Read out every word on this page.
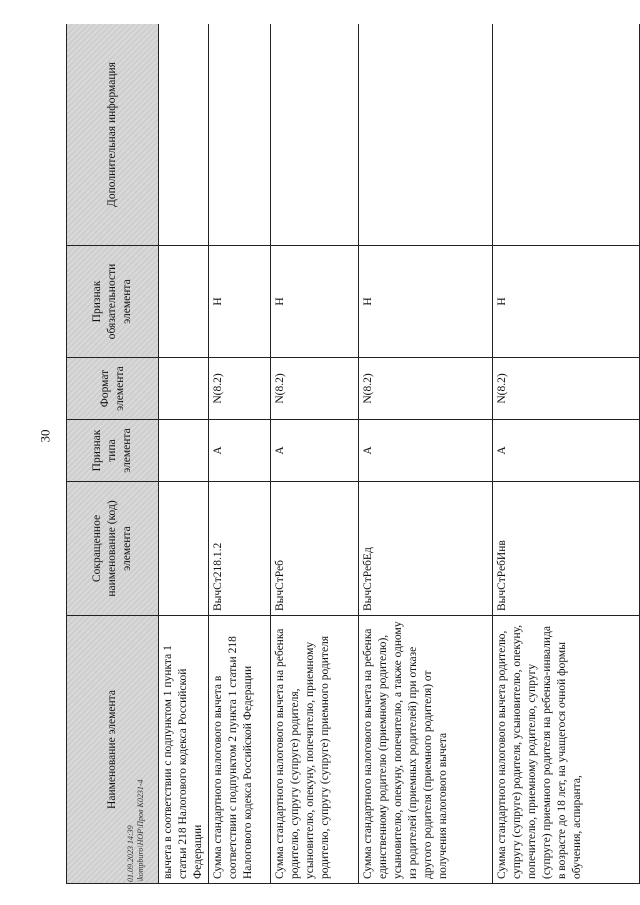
30
Наименование элемента	Сокращенное наименование (код) элемента	Признак типа элемента	Формат элемента	Признак обязательности элемента	Дополнительная информация
вычета в соответствии с подпунктом 1 пункта 1 статьи 218 Налогового кодекса Российской Федерации					
Сумма стандартного налогового вычета в соответствии с подпунктом 2 пункта 1 статьи 218 Налогового кодекса Российской Федерации	ВычСт218.1.2	А	N(8.2)	Н	
Сумма стандартного налогового вычета на ребенка родителю, супругу (супруге) родителя, усыновителю, опекуну, попечителю, приемному родителю, супругу (супруге) приемного родителя	ВычСтРеб	А	N(8.2)	Н	
Сумма стандартного налогового вычета на ребенка единственному родителю (приемному родителю), усыновителю, опекуну, попечителю, а также одному из родителей (приемных родителей) при отказе другого родителя (приемного родителя) от получения налогового вычета	ВычСтРебЕд	А	N(8.2)	Н	
Сумма стандартного налогового вычета родителю, супругу (супруге) родителя, усыновителю, опекуну, попечителю, приемному родителю, супругу (супруге) приемного родителя на ребенка-инвалида в возрасте до 18 лет, на учащегося очной формы обучения, аспиранта,	ВычСтРебИнв	А	N(8.2)	Н	
01.09.2023 14:39 \kompburo\НОР\Пров К0231-4
